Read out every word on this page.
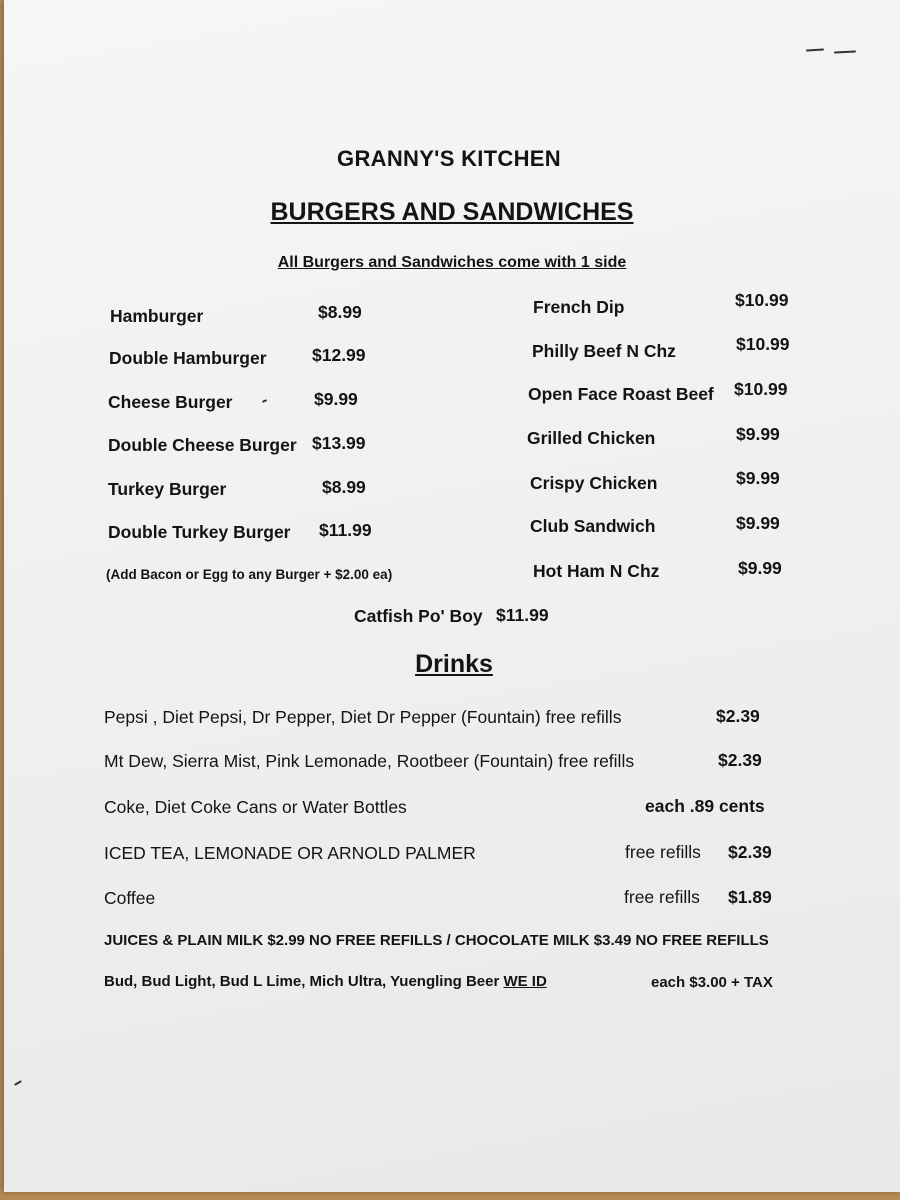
GRANNY'S KITCHEN
BURGERS AND SANDWICHES
All Burgers and Sandwiches come with 1 side
Hamburger	$8.99
Double Hamburger	$12.99
Cheese Burger	$9.99
Double Cheese Burger $13.99
Turkey Burger	$8.99
Double Turkey Burger $11.99
(Add Bacon or Egg to any Burger + $2.00 ea)
French Dip	$10.99
Philly Beef N Chz	$10.99
Open Face Roast Beef $10.99
Grilled Chicken	$9.99
Crispy Chicken	$9.99
Club Sandwich	$9.99
Hot Ham N Chz	$9.99
Catfish Po' Boy $11.99
Drinks
Pepsi , Diet Pepsi, Dr Pepper, Diet Dr Pepper (Fountain) free refills	$2.39
Mt Dew, Sierra Mist, Pink Lemonade, Rootbeer (Fountain) free refills	$2.39
Coke, Diet Coke Cans or Water Bottles	each .89 cents
ICED TEA, LEMONADE OR ARNOLD PALMER	free refills $2.39
Coffee	free refills $1.89
JUICES & PLAIN MILK $2.99 NO FREE REFILLS / CHOCOLATE MILK $3.49 NO FREE REFILLS
Bud, Bud Light, Bud L Lime, Mich Ultra, Yuengling Beer WE ID	each $3.00 + TAX
